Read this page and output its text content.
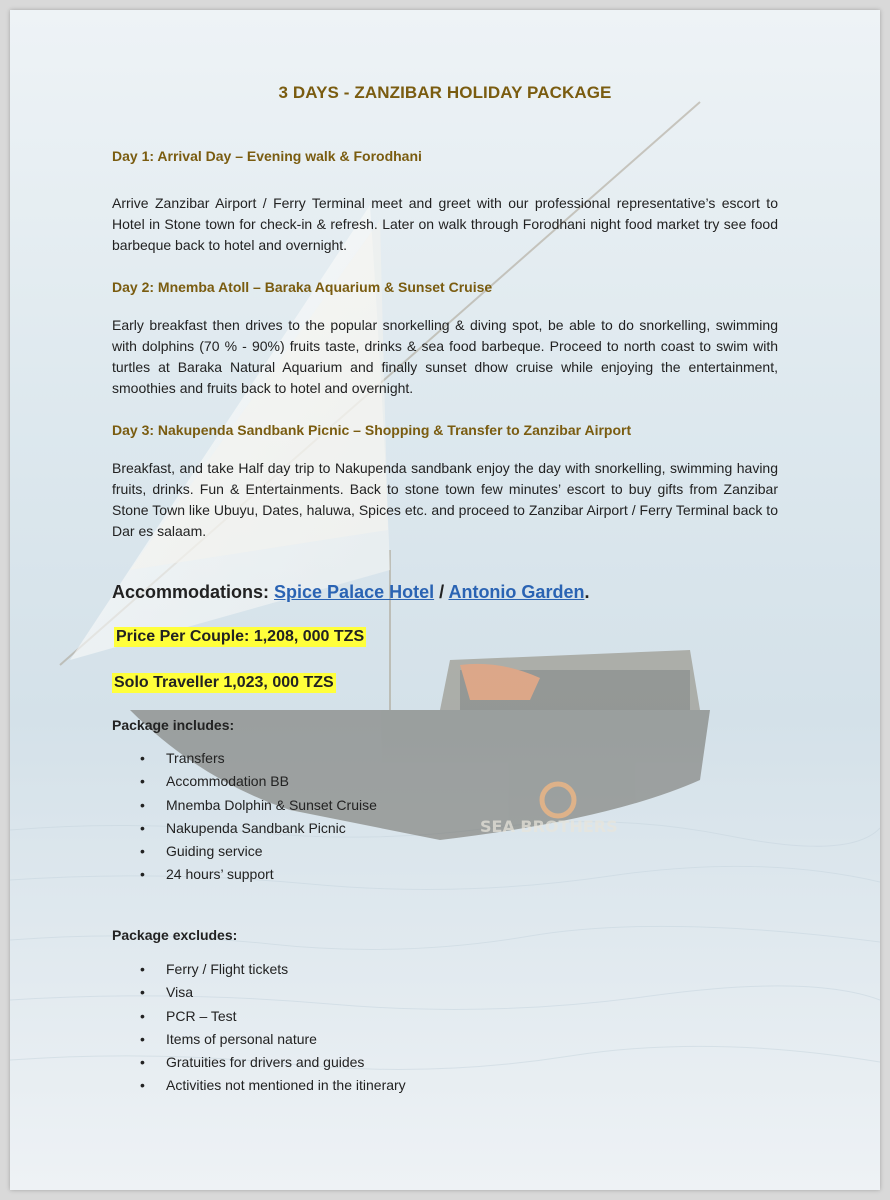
SEA BROTHERS
3 DAYS - ZANZIBAR HOLIDAY PACKAGE
Day 1: Arrival Day – Evening walk & Forodhani
Arrive Zanzibar Airport / Ferry Terminal meet and greet with our professional representative’s escort to Hotel in Stone town for check-in & refresh. Later on walk through Forodhani night food market try see food barbeque back to hotel and overnight.
Day 2: Mnemba Atoll – Baraka Aquarium & Sunset Cruise
Early breakfast then drives to the popular snorkelling & diving spot, be able to do snorkelling, swimming with dolphins (70 % - 90%) fruits taste, drinks & sea food barbeque. Proceed to north coast to swim with turtles at Baraka Natural Aquarium and finally sunset dhow cruise while enjoying the entertainment, smoothies and fruits back to hotel and overnight.
Day 3: Nakupenda Sandbank Picnic – Shopping & Transfer to Zanzibar Airport
Breakfast, and take Half day trip to Nakupenda sandbank enjoy the day with snorkelling, swimming having fruits, drinks. Fun & Entertainments. Back to stone town few minutes’ escort to buy gifts from Zanzibar Stone Town like Ubuyu, Dates, haluwa, Spices etc. and proceed to Zanzibar Airport / Ferry Terminal back to Dar es salaam.
Accommodations: Spice Palace Hotel / Antonio Garden.
Price Per Couple: 1,208, 000 TZS
Solo Traveller 1,023, 000 TZS
Package includes:
• Transfers
• Accommodation BB
• Mnemba Dolphin & Sunset Cruise
• Nakupenda Sandbank Picnic
• Guiding service
• 24 hours’ support
Package excludes:
• Ferry / Flight tickets
• Visa
• PCR – Test
• Items of personal nature
• Gratuities for drivers and guides
• Activities not mentioned in the itinerary
